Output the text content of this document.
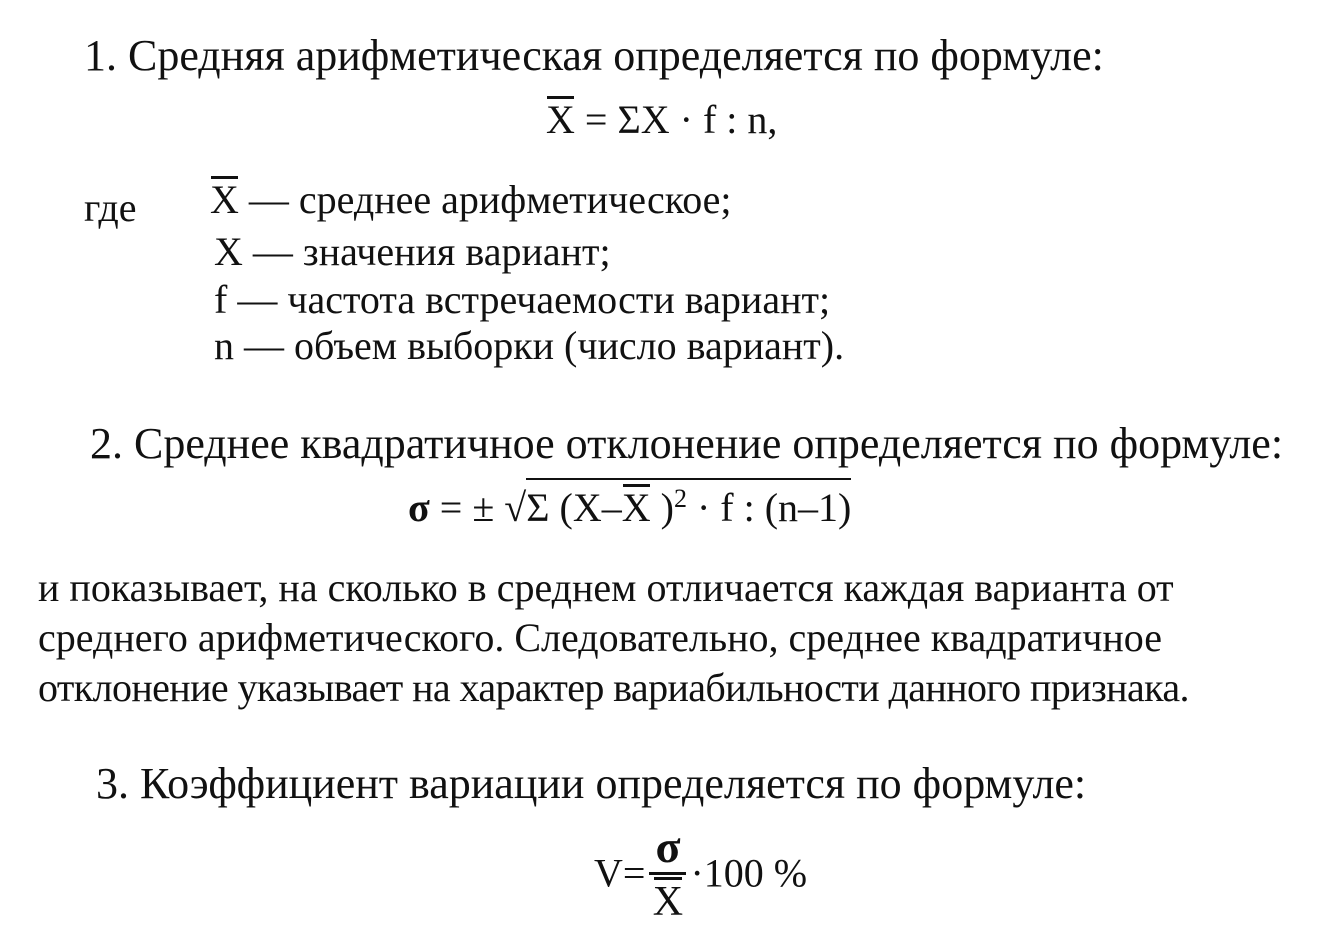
1. Средняя арифметическая определяется по формуле:
X = ΣX · f : n,
где X — среднее арифметическое;
X — значения вариант;
f — частота встречаемости вариант;
n — объем выборки (число вариант).
2. Среднее квадратичное отклонение определяется по формуле:
σ = ± √Σ (X–X )$^2$ · f : (n–1)
и показывает, на сколько в среднем отличается каждая варианта от
среднего арифметического. Следовательно, среднее квадратичное
отклонение указывает на характер вариабильности данного признака.
3. Коэффициент вариации определяется по формуле:
$V= \frac{\sigma}{X} \cdot 100$ %
